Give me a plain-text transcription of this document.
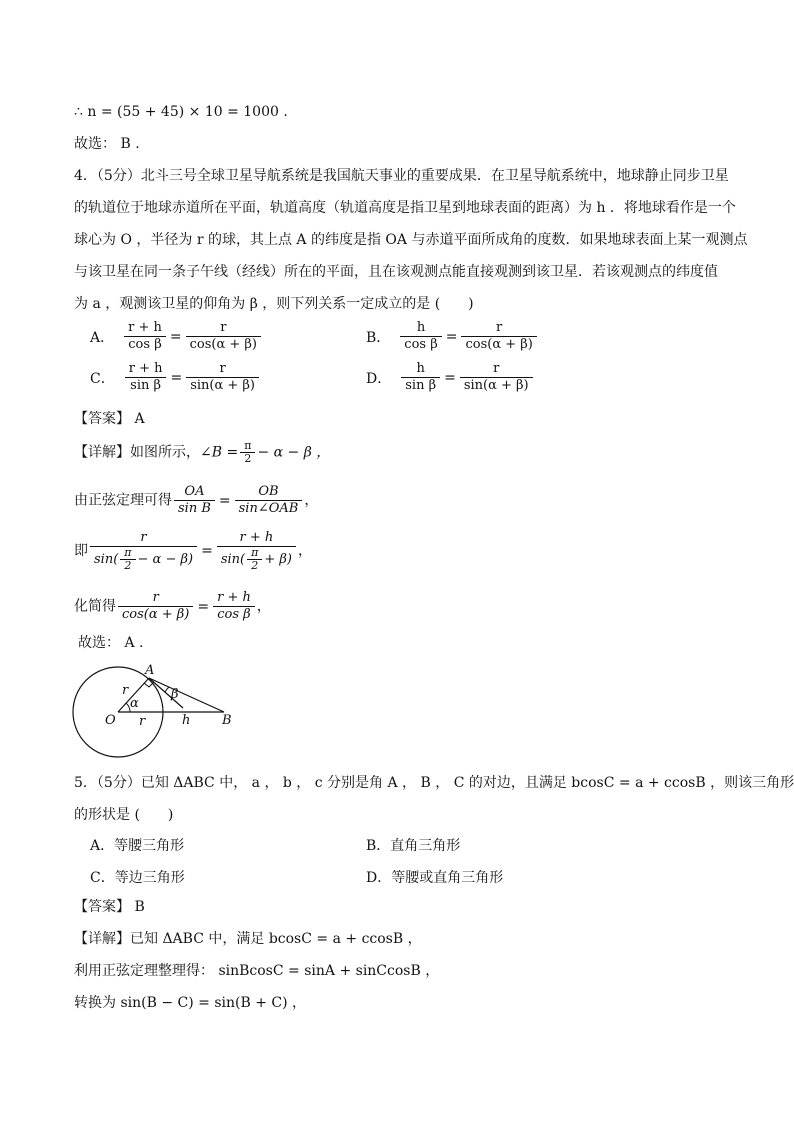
∴ n = (55 + 45) × 10 = 1000 .
故选： B .
4．（5分）北斗三号全球卫星导航系统是我国航天事业的重要成果．在卫星导航系统中，地球静止同步卫星
的轨道位于地球赤道所在平面，轨道高度（轨道高度是指卫星到地球表面的距离）为 h ．将地球看作是一个
球心为 O ，半径为 r 的球，其上点 A 的纬度是指 OA 与赤道平面所成角的度数．如果地球表面上某一观测点
与该卫星在同一条子午线（经线）所在的平面，且在该观测点能直接观测到该卫星．若该观测点的纬度值
为 a ，观测该卫星的仰角为 β ，则下列关系一定成立的是 (　　)
A． $\frac{r + h}{\text{cos β}} = \frac{r}{\cos(\alpha + \beta)}$	B． $\frac{h}{\text{cos β}} = \frac{r}{\cos(\alpha + \beta)}$
C． $\frac{r + h}{\text{sin β}} = \frac{r}{\sin(\alpha + \beta)}$	D． $\frac{h}{\text{sin β}} = \frac{r}{\sin(\alpha + \beta)}$
【答案】 A
【详解】如图所示，∠B = $\frac{\pi}{2} - \alpha - \beta$ ，
由正弦定理可得 $\frac{OA}{\text{sin B}} = \frac{OB}{\text{sin∠OAB}}$ ，
即 $\frac{r}{\sin( \frac{\pi}{2} - \alpha - \beta)} = \frac{r + h}{\sin( \frac{\pi}{2} + \beta)}$ ，
化简得 $\frac{r}{\cos(\alpha + \beta)} = \frac{r + h}{\text{cos β}}$ ，
故选： A .
A
B
O
r
r	h
α
β
5．（5分）已知 ΔABC 中， a ， b ， c 分别是角 A ， B ， C 的对边，且满足 bcosC = a + ccosB ，则该三角形
的形状是 (　　)
A．等腰三角形	B．直角三角形
C．等边三角形	D．等腰或直角三角形
【答案】 B
【详解】已知 ΔABC 中，满足 bcosC = a + ccosB ，
利用正弦定理整理得： sinBcosC = sinA + sinCcosB ，
转换为 sin(B − C) = sin(B + C) ，
